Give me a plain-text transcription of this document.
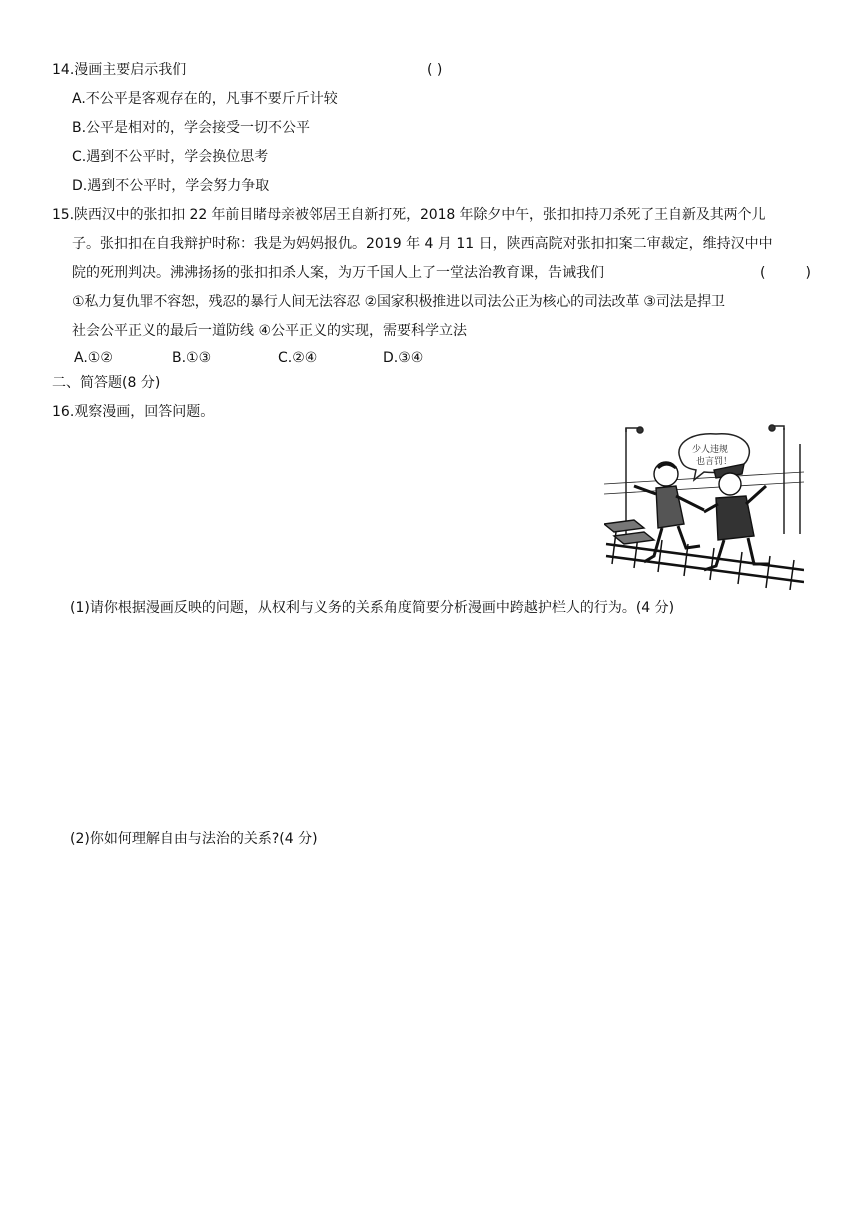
14.漫画主要启示我们	( )
A.不公平是客观存在的，凡事不要斤斤计较
B.公平是相对的，学会接受一切不公平
C.遇到不公平时，学会换位思考
D.遇到不公平时，学会努力争取
15.陕西汉中的张扣扣 22 年前目睹母亲被邻居王自新打死，2018 年除夕中午，张扣扣持刀杀死了王自新及其两个儿
子。张扣扣在自我辩护时称：我是为妈妈报仇。2019 年 4 月 11 日，陕西高院对张扣扣案二审裁定，维持汉中中
院的死刑判决。沸沸扬扬的张扣扣杀人案，为万千国人上了一堂法治教育课，告诫我们	(         )
①私力复仇罪不容恕，残忍的暴行人间无法容忍 ②国家积极推进以司法公正为核心的司法改革 ③司法是捍卫
社会公平正义的最后一道防线 ④公平正义的实现，需要科学立法
A.①②	B.①③	C.②④	D.③④
二、简答题(8 分)
16.观察漫画，回答问题。
少人违规
也言罚！
(1)请你根据漫画反映的问题，从权利与义务的关系角度简要分析漫画中跨越护栏人的行为。(4 分)
(2)你如何理解自由与法治的关系?(4 分)
